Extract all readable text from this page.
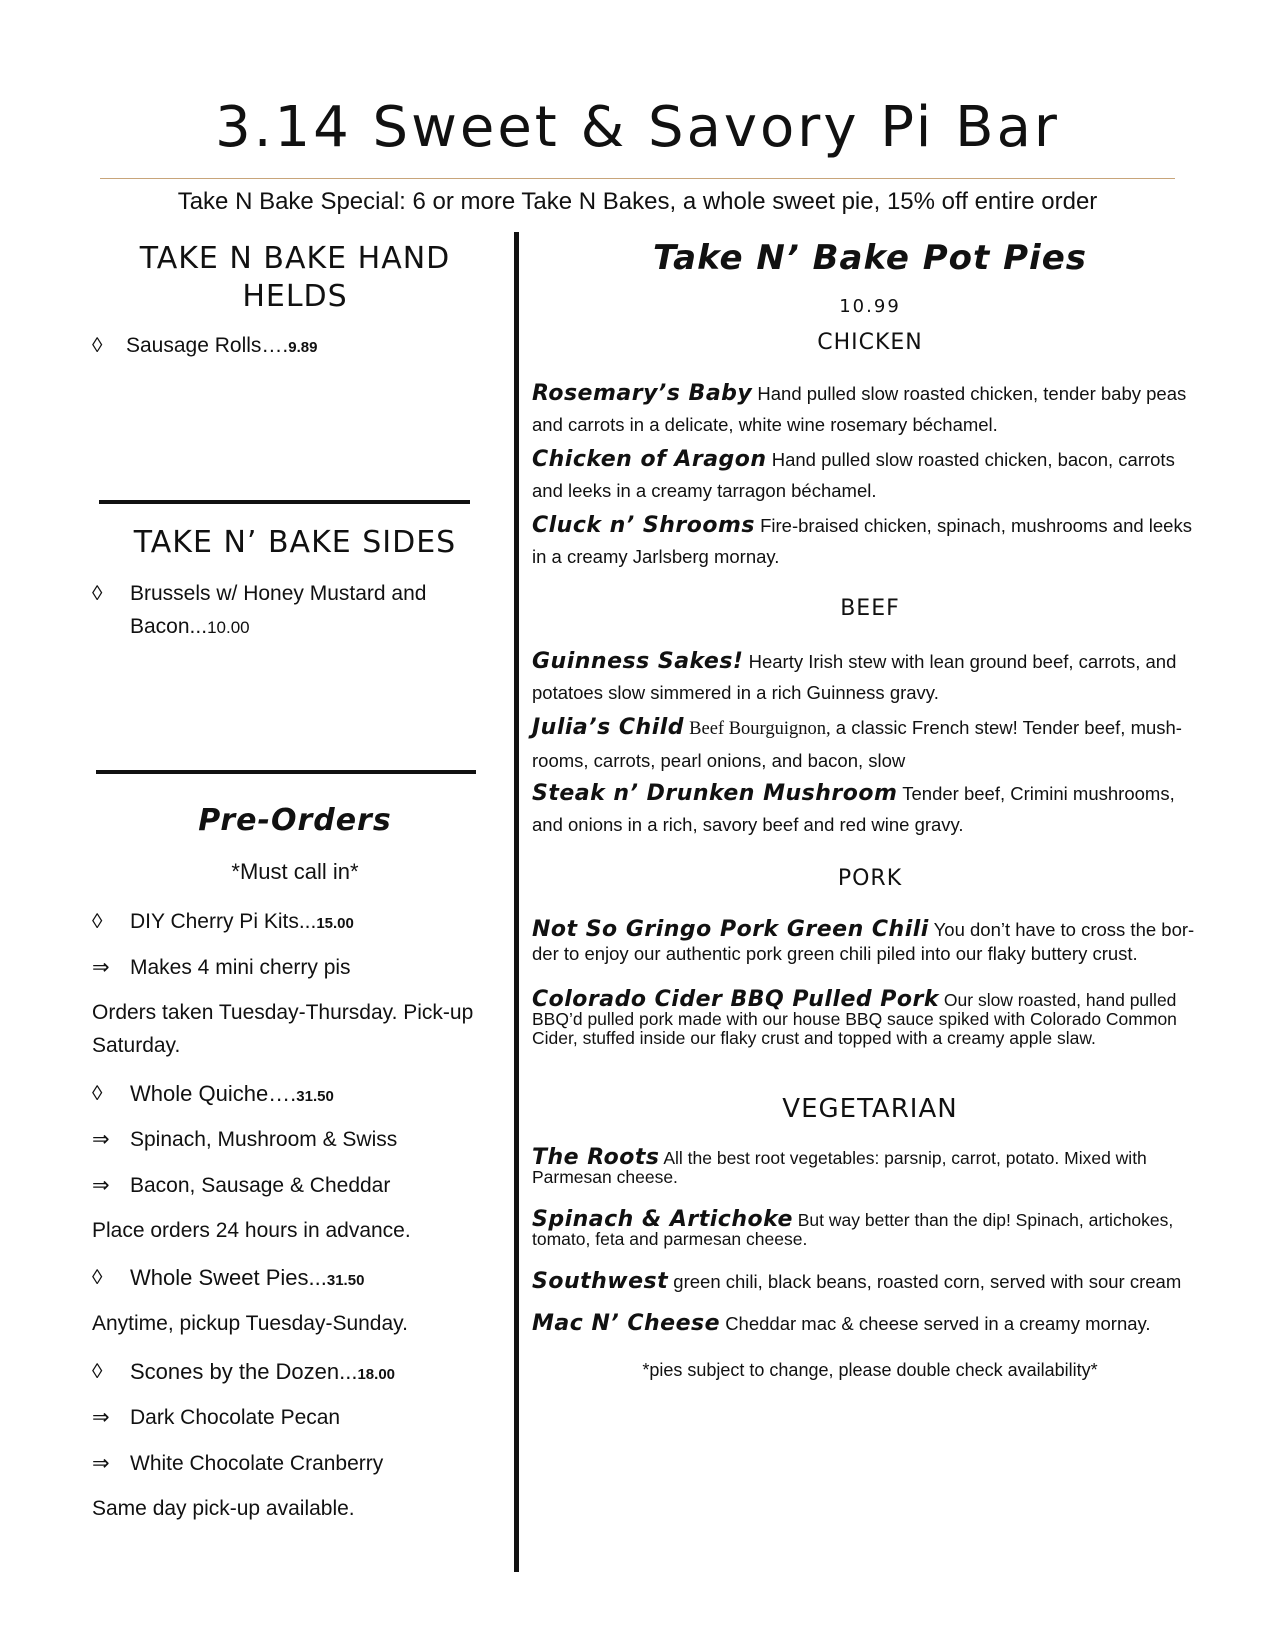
3.14 Sweet & Savory Pi Bar
Take N Bake Special: 6 or more Take N Bakes, a whole sweet pie, 15% off entire order
TAKE N BAKE HAND
HELDS
◊	Sausage Rolls….9.89
TAKE N’ BAKE SIDES
◊	Brussels w/ Honey Mustard and
Bacon...10.00
Pre-Orders
*Must call in*
◊	DIY Cherry Pi Kits...15.00
⇒ Makes 4 mini cherry pis
Orders taken Tuesday-Thursday. Pick-up
Saturday.
◊	Whole Quiche….31.50
⇒ Spinach, Mushroom & Swiss
⇒ Bacon, Sausage & Cheddar
Place orders 24 hours in advance.
◊	Whole Sweet Pies...31.50
Anytime, pickup Tuesday-Sunday.
◊	Scones by the Dozen...18.00
⇒ Dark Chocolate Pecan
⇒ White Chocolate Cranberry
Same day pick-up available.
Take N’ Bake Pot Pies
10.99
CHICKEN
Rosemary’s Baby Hand pulled slow roasted chicken, tender baby peas and carrots in a delicate, white wine rosemary béchamel.
Chicken of Aragon Hand pulled slow roasted chicken, bacon, carrots and leeks in a creamy tarragon béchamel.
Cluck n’ Shrooms Fire-braised chicken, spinach, mushrooms and leeks in a creamy Jarlsberg mornay.
BEEF
Guinness Sakes! Hearty Irish stew with lean ground beef, carrots, and potatoes slow simmered in a rich Guinness gravy.
Julia’s Child Beef Bourguignon, a classic French stew! Tender beef, mush-rooms, carrots, pearl onions, and bacon, slow
Steak n’ Drunken Mushroom Tender beef, Crimini mushrooms, and onions in a rich, savory beef and red wine gravy.
PORK
Not So Gringo Pork Green Chili You don’t have to cross the bor-der to enjoy our authentic pork green chili piled into our flaky buttery crust.
Colorado Cider BBQ Pulled Pork Our slow roasted, hand pulled BBQ’d pulled pork made with our house BBQ sauce spiked with Colorado Common Cider, stuffed inside our flaky crust and topped with a creamy apple slaw.
VEGETARIAN
The Roots All the best root vegetables: parsnip, carrot, potato. Mixed with Parmesan cheese.
Spinach & Artichoke But way better than the dip! Spinach, artichokes, tomato, feta and parmesan cheese.
Southwest green chili, black beans, roasted corn, served with sour cream
Mac N’ Cheese Cheddar mac & cheese served in a creamy mornay.
*pies subject to change, please double check availability*
